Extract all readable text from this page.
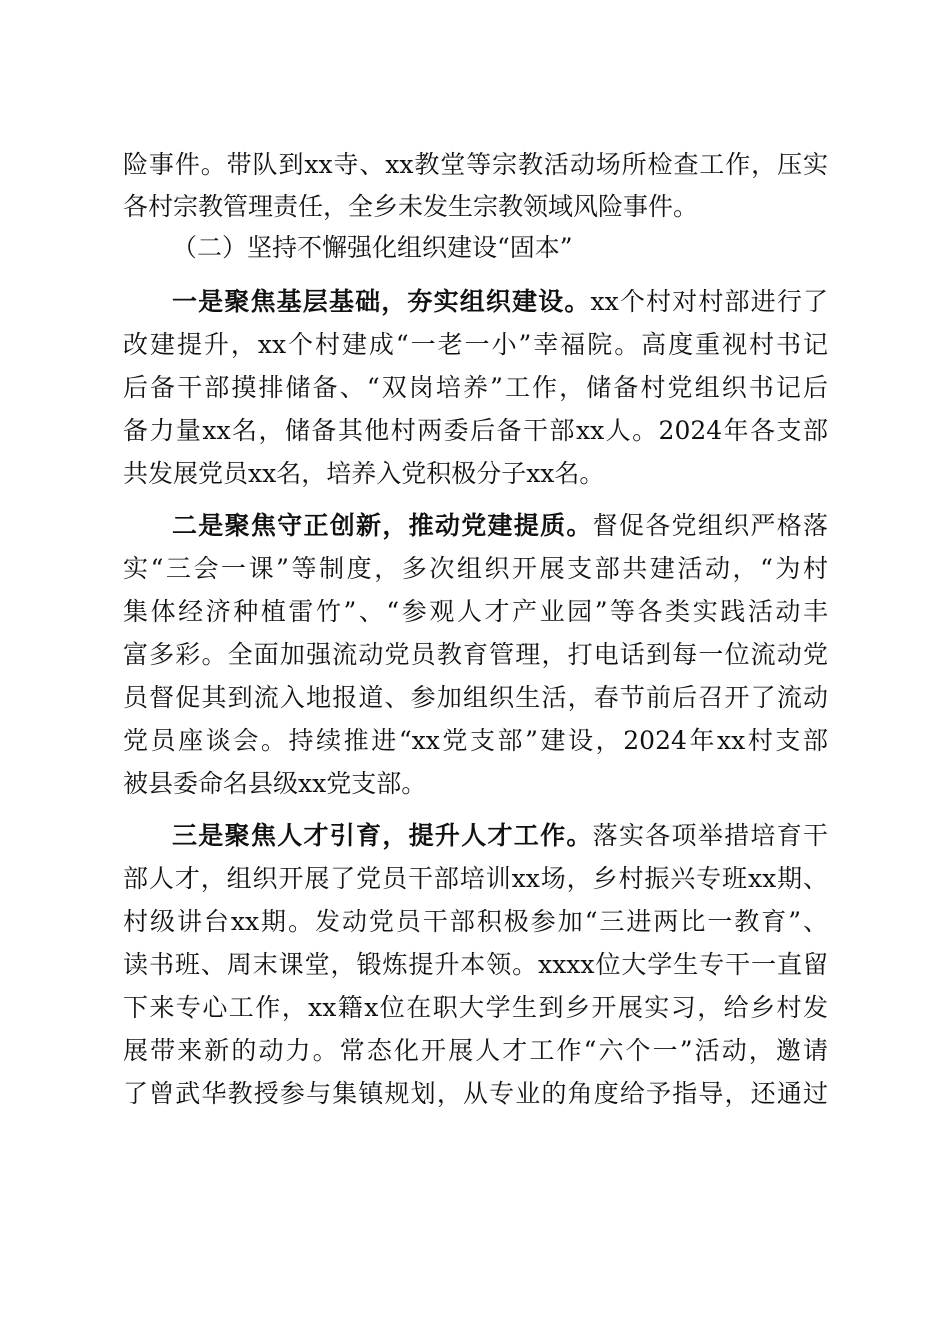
险事件。带队到xx寺、xx教堂等宗教活动场所检查工作，压实
各村宗教管理责任，全乡未发生宗教领域风险事件。
（二）坚持不懈强化组织建设“固本”
一是聚焦基层基础，夯实组织建设。xx个村对村部进行了
改建提升，xx个村建成“一老一小”幸福院。高度重视村书记
后备干部摸排储备、“双岗培养”工作，储备村党组织书记后
备力量xx名，储备其他村两委后备干部xx人。2024年各支部
共发展党员xx名，培养入党积极分子xx名。
二是聚焦守正创新，推动党建提质。督促各党组织严格落
实“三会一课”等制度，多次组织开展支部共建活动，“为村
集体经济种植雷竹”、“参观人才产业园”等各类实践活动丰
富多彩。全面加强流动党员教育管理，打电话到每一位流动党
员督促其到流入地报道、参加组织生活，春节前后召开了流动
党员座谈会。持续推进“xx党支部”建设，2024年xx村支部
被县委命名县级xx党支部。
三是聚焦人才引育，提升人才工作。落实各项举措培育干
部人才，组织开展了党员干部培训xx场，乡村振兴专班xx期、
村级讲台xx期。发动党员干部积极参加“三进两比一教育”、
读书班、周末课堂，锻炼提升本领。xxxx位大学生专干一直留
下来专心工作，xx籍x位在职大学生到乡开展实习，给乡村发
展带来新的动力。常态化开展人才工作“六个一”活动，邀请
了曾武华教授参与集镇规划，从专业的角度给予指导，还通过
